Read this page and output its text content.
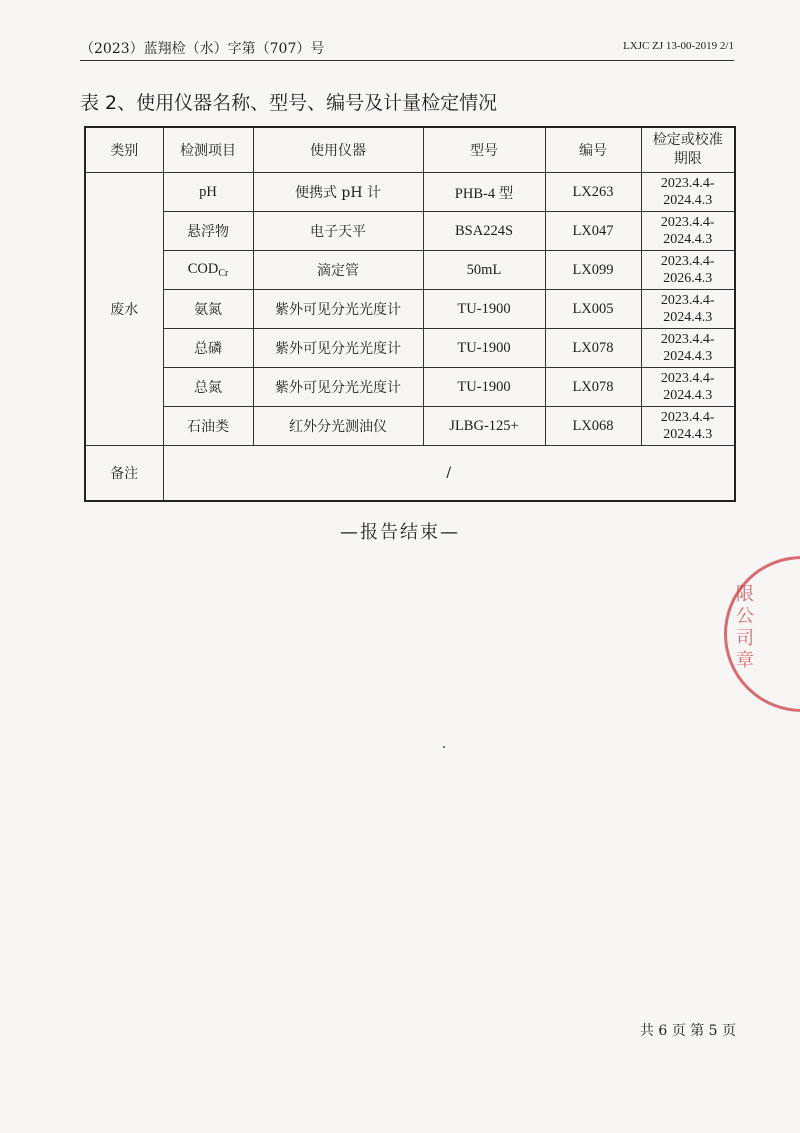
（2023）蓝翔检（水）字第（707）号	LXJC ZJ 13-00-2019 2/1
表 2、使用仪器名称、型号、编号及计量检定情况
类别	检测项目	使用仪器	型号	编号	检定或校准
期限
废水	pH	便携式 pH 计	PHB-4 型	LX263	2023.4.4-
2024.4.3

	悬浮物	电子天平	BSA224S	LX047	2023.4.4-
2024.4.3

	$COD_{Cr}$	滴定管	50mL	LX099	2023.4.4-
2026.4.3

	氨氮	紫外可见分光光度计	TU-1900	LX005	2023.4.4-
2024.4.3

	总磷	紫外可见分光光度计	TU-1900	LX078	2023.4.4-
2024.4.3

	总氮	紫外可见分光光度计	TU-1900	LX078	2023.4.4-
2024.4.3

	石油类	红外分光测油仪	JLBG-125+	LX068	2023.4.4-
2024.4.3

备注	/				
—报告结束—
限公司章
共 6 页 第 5 页
